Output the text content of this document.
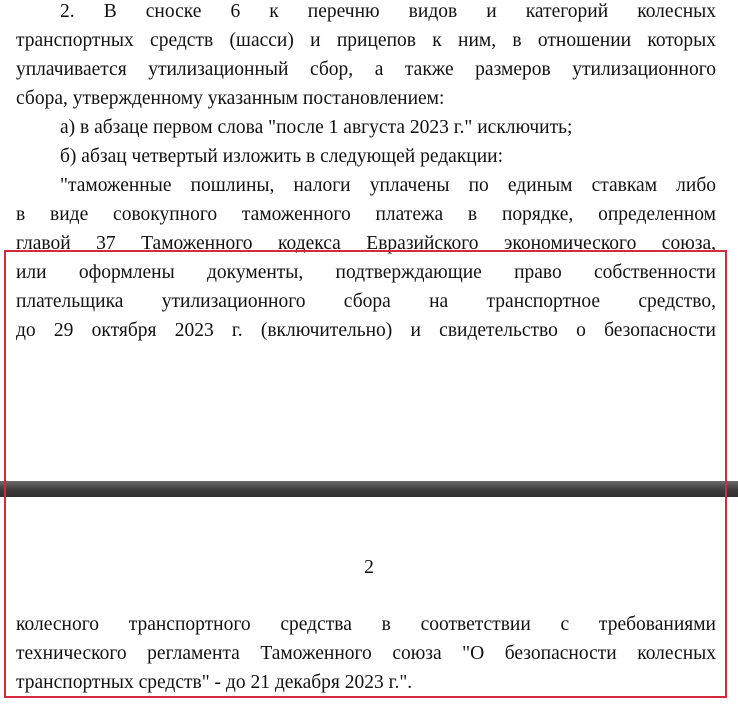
2. В сноске 6 к перечню видов и категорий колесных
транспортных средств (шасси) и прицепов к ним, в отношении которых
уплачивается утилизационный сбор, а также размеров утилизационного
сбора, утвержденному указанным постановлением:
а) в абзаце первом слова "после 1 августа 2023 г." исключить;
б) абзац четвертый изложить в следующей редакции:
"таможенные пошлины, налоги уплачены по единым ставкам либо
в виде совокупного таможенного платежа в порядке, определенном
главой 37 Таможенного кодекса Евразийского экономического союза,
или оформлены документы, подтверждающие право собственности
плательщика утилизационного сбора на транспортное средство,
до 29 октября 2023 г. (включительно) и свидетельство о безопасности
2
колесного транспортного средства в соответствии с требованиями
технического регламента Таможенного союза "О безопасности колесных
транспортных средств" - до 21 декабря 2023 г.".
